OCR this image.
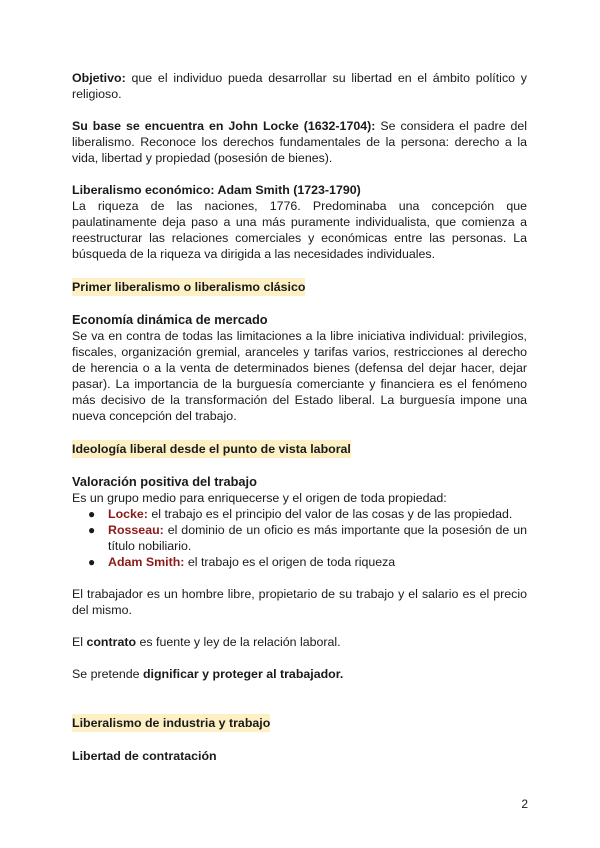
Objetivo: que el individuo pueda desarrollar su libertad en el ámbito político y religioso.

Su base se encuentra en John Locke (1632-1704): Se considera el padre del liberalismo. Reconoce los derechos fundamentales de la persona: derecho a la vida, libertad y propiedad (posesión de bienes).

Liberalismo económico: Adam Smith (1723-1790)

La riqueza de las naciones, 1776. Predominaba una concepción que paulatinamente deja paso a una más puramente individualista, que comienza a reestructurar las relaciones comerciales y económicas entre las personas. La búsqueda de la riqueza va dirigida a las necesidades individuales.

Primer liberalismo o liberalismo clásico

Economía dinámica de mercado

Se va en contra de todas las limitaciones a la libre iniciativa individual: privilegios, fiscales, organización gremial, aranceles y tarifas varios, restricciones al derecho de herencia o a la venta de determinados bienes (defensa del dejar hacer, dejar pasar). La importancia de la burguesía comerciante y financiera es el fenómeno más decisivo de la transformación del Estado liberal. La burguesía impone una nueva concepción del trabajo.

Ideología liberal desde el punto de vista laboral

Valoración positiva del trabajo

Es un grupo medio para enriquecerse y el origen de toda propiedad:

● Locke: el trabajo es el principio del valor de las cosas y de las propiedad.
● Rosseau: el dominio de un oficio es más importante que la posesión de un título nobiliario.
● Adam Smith: el trabajo es el origen de toda riqueza

El trabajador es un hombre libre, propietario de su trabajo y el salario es el precio del mismo.

El contrato es fuente y ley de la relación laboral.

Se pretende dignificar y proteger al trabajador.

Liberalismo de industria y trabajo

Libertad de contratación

2
